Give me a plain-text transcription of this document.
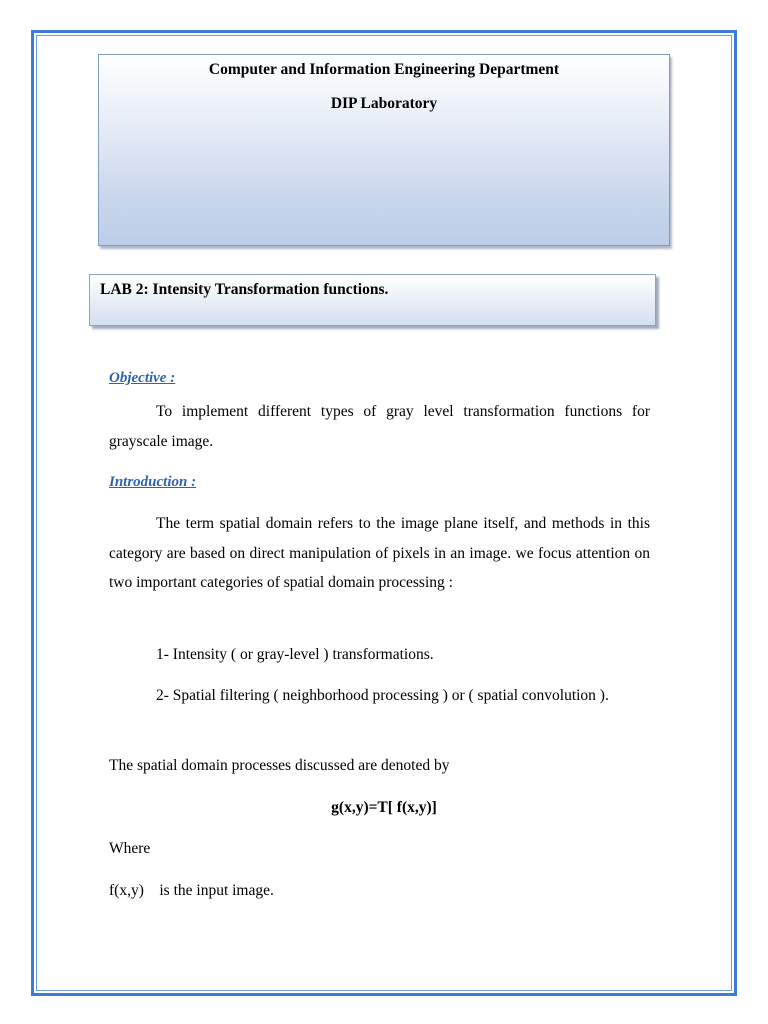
Computer and Information Engineering Department
DIP Laboratory
LAB 2: Intensity Transformation functions.
Objective :
To implement different types of gray level transformation functions for grayscale image.
Introduction :
The term spatial domain refers to the image plane itself, and methods in this category are based on direct manipulation of pixels in an image. we focus attention on two important categories of spatial domain processing :
1- Intensity ( or gray-level ) transformations.
2- Spatial filtering ( neighborhood processing ) or ( spatial convolution ).
The spatial domain processes discussed are denoted by
g(x,y)=T[ f(x,y)]
Where
f(x,y)    is the input image.
